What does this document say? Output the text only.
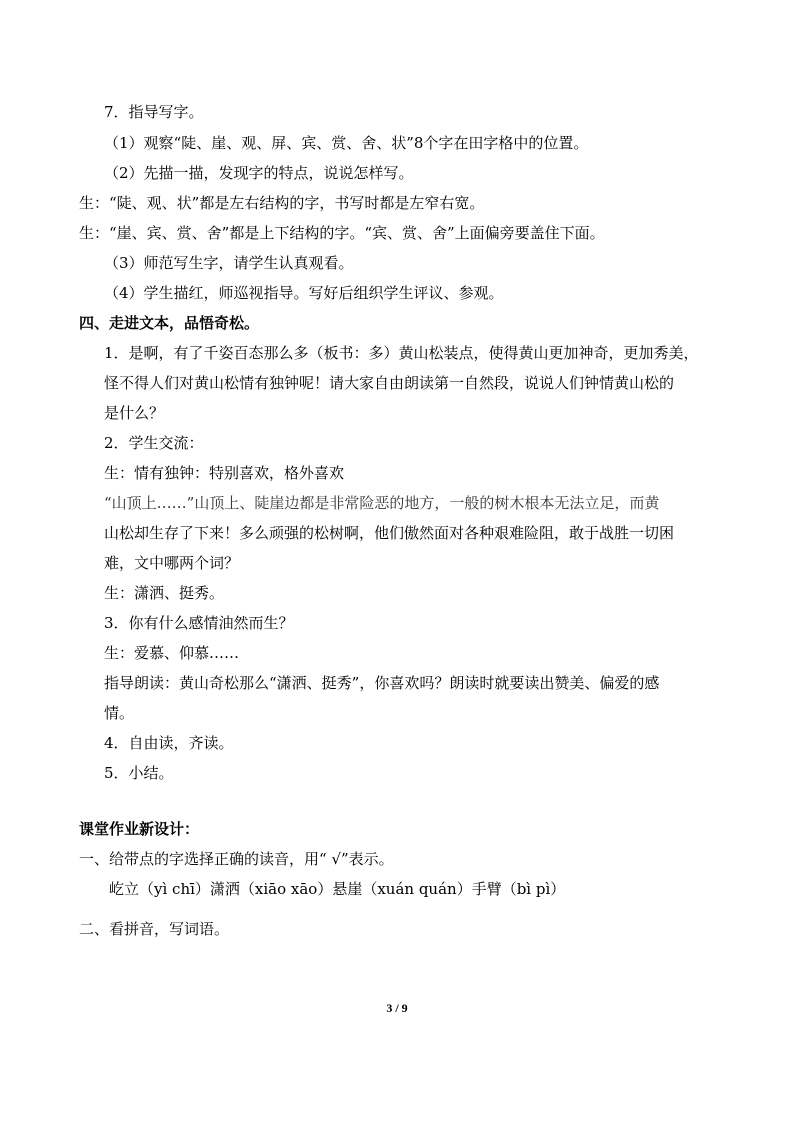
7．指导写字。
（1）观察“陡、崖、观、屏、宾、赏、舍、状”8个字在田字格中的位置。
（2）先描一描，发现字的特点，说说怎样写。
生：“陡、观、状”都是左右结构的字，书写时都是左窄右宽。
生：“崖、宾、赏、舍”都是上下结构的字。“宾、赏、舍”上面偏旁要盖住下面。
（3）师范写生字，请学生认真观看。
（4）学生描红，师巡视指导。写好后组织学生评议、参观。
四、走进文本，品悟奇松。
1．是啊，有了千姿百态那么多（板书：多）黄山松装点，使得黄山更加神奇，更加秀美，
怪不得人们对黄山松情有独钟呢！请大家自由朗读第一自然段，说说人们钟情黄山松的
是什么？
2．学生交流：
生：情有独钟：特别喜欢，格外喜欢
“山顶上……”山顶上、陡崖边都是非常险恶的地方，一般的树木根本无法立足，而黄
山松却生存了下来！多么顽强的松树啊，他们傲然面对各种艰难险阻，敢于战胜一切困
难，文中哪两个词？
生：潇洒、挺秀。
3．你有什么感情油然而生？
生：爱慕、仰慕……
指导朗读：黄山奇松那么“潇洒、挺秀”，你喜欢吗？朗读时就要读出赞美、偏爱的感
情。
4．自由读，齐读。
5．小结。
课堂作业新设计：
一、给带点的字选择正确的读音，用“ √”表示。
屹立（yì chī）潇洒（xiāo xāo）悬崖（xuán quán）手臂（bì pì）
二、看拼音，写词语。
3 / 9
